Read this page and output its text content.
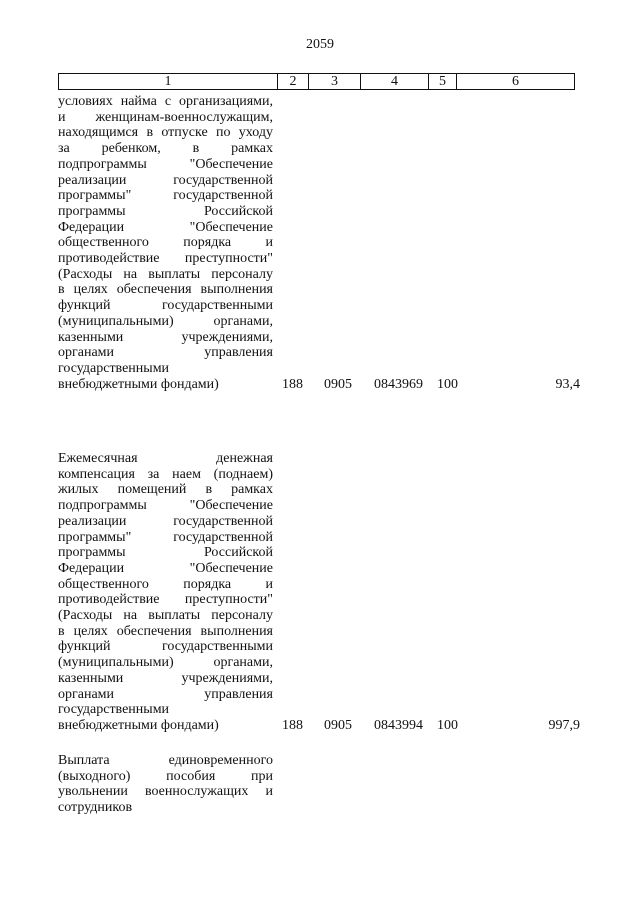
2059
1	2	3	4	5	6
условиях найма с организациями,
и женщинам-военнослужащим,
находящимся в отпуске по уходу
за ребенком, в рамках
подпрограммы "Обеспечение
реализации государственной
программы" государственной
программы Российской
Федерации "Обеспечение
общественного порядка и
противодействие преступности"
(Расходы на выплаты персоналу
в целях обеспечения выполнения
функций государственными
(муниципальными) органами,
казенными учреждениями,
органами управления
государственными
внебюджетными фондами)	188 0905 0843969 100	93,4
Ежемесячная денежная
компенсация за наем (поднаем)
жилых помещений в рамках
подпрограммы "Обеспечение
реализации государственной
программы" государственной
программы Российской
Федерации "Обеспечение
общественного порядка и
противодействие преступности"
(Расходы на выплаты персоналу
в целях обеспечения выполнения
функций государственными
(муниципальными) органами,
казенными учреждениями,
органами управления
государственными
внебюджетными фондами)	188 0905 0843994 100	997,9
Выплата единовременного
(выходного) пособия при
увольнении военнослужащих и
сотрудников
